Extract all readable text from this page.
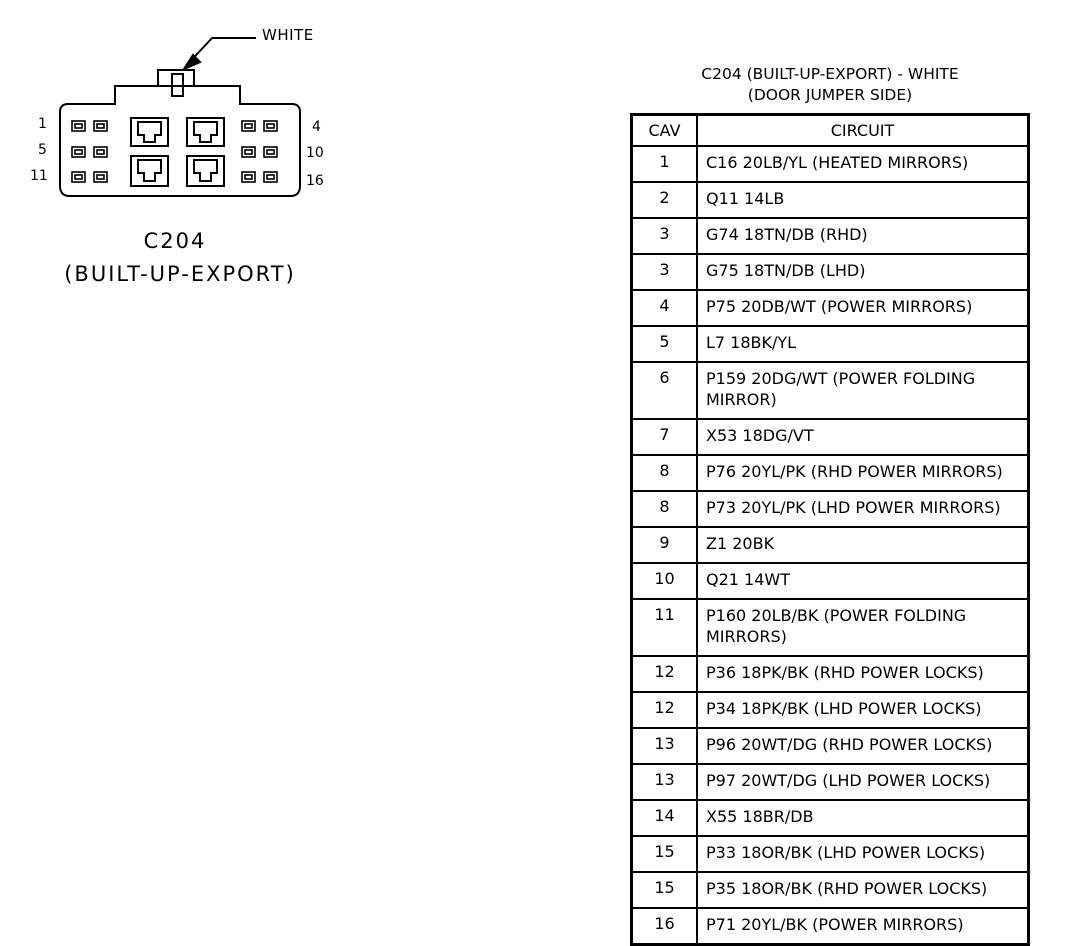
1
5
11
4
10
16
WHITE
C204
(BUILT-UP-EXPORT)
C204 (BUILT-UP-EXPORT) - WHITE
(DOOR JUMPER SIDE)
CAV	CIRCUIT
1	C16 20LB/YL (HEATED MIRRORS)
2	Q11 14LB
3	G74 18TN/DB (RHD)
3	G75 18TN/DB (LHD)
4	P75 20DB/WT (POWER MIRRORS)
5	L7 18BK/YL
6	P159 20DG/WT (POWER FOLDING MIRROR)
7	X53 18DG/VT
8	P76 20YL/PK (RHD POWER MIRRORS)
8	P73 20YL/PK (LHD POWER MIRRORS)
9	Z1 20BK
10	Q21 14WT
11	P160 20LB/BK (POWER FOLDING MIRRORS)
12	P36 18PK/BK (RHD POWER LOCKS)
12	P34 18PK/BK (LHD POWER LOCKS)
13	P96 20WT/DG (RHD POWER LOCKS)
13	P97 20WT/DG (LHD POWER LOCKS)
14	X55 18BR/DB
15	P33 18OR/BK (LHD POWER LOCKS)
15	P35 18OR/BK (RHD POWER LOCKS)
16	P71 20YL/BK (POWER MIRRORS)
